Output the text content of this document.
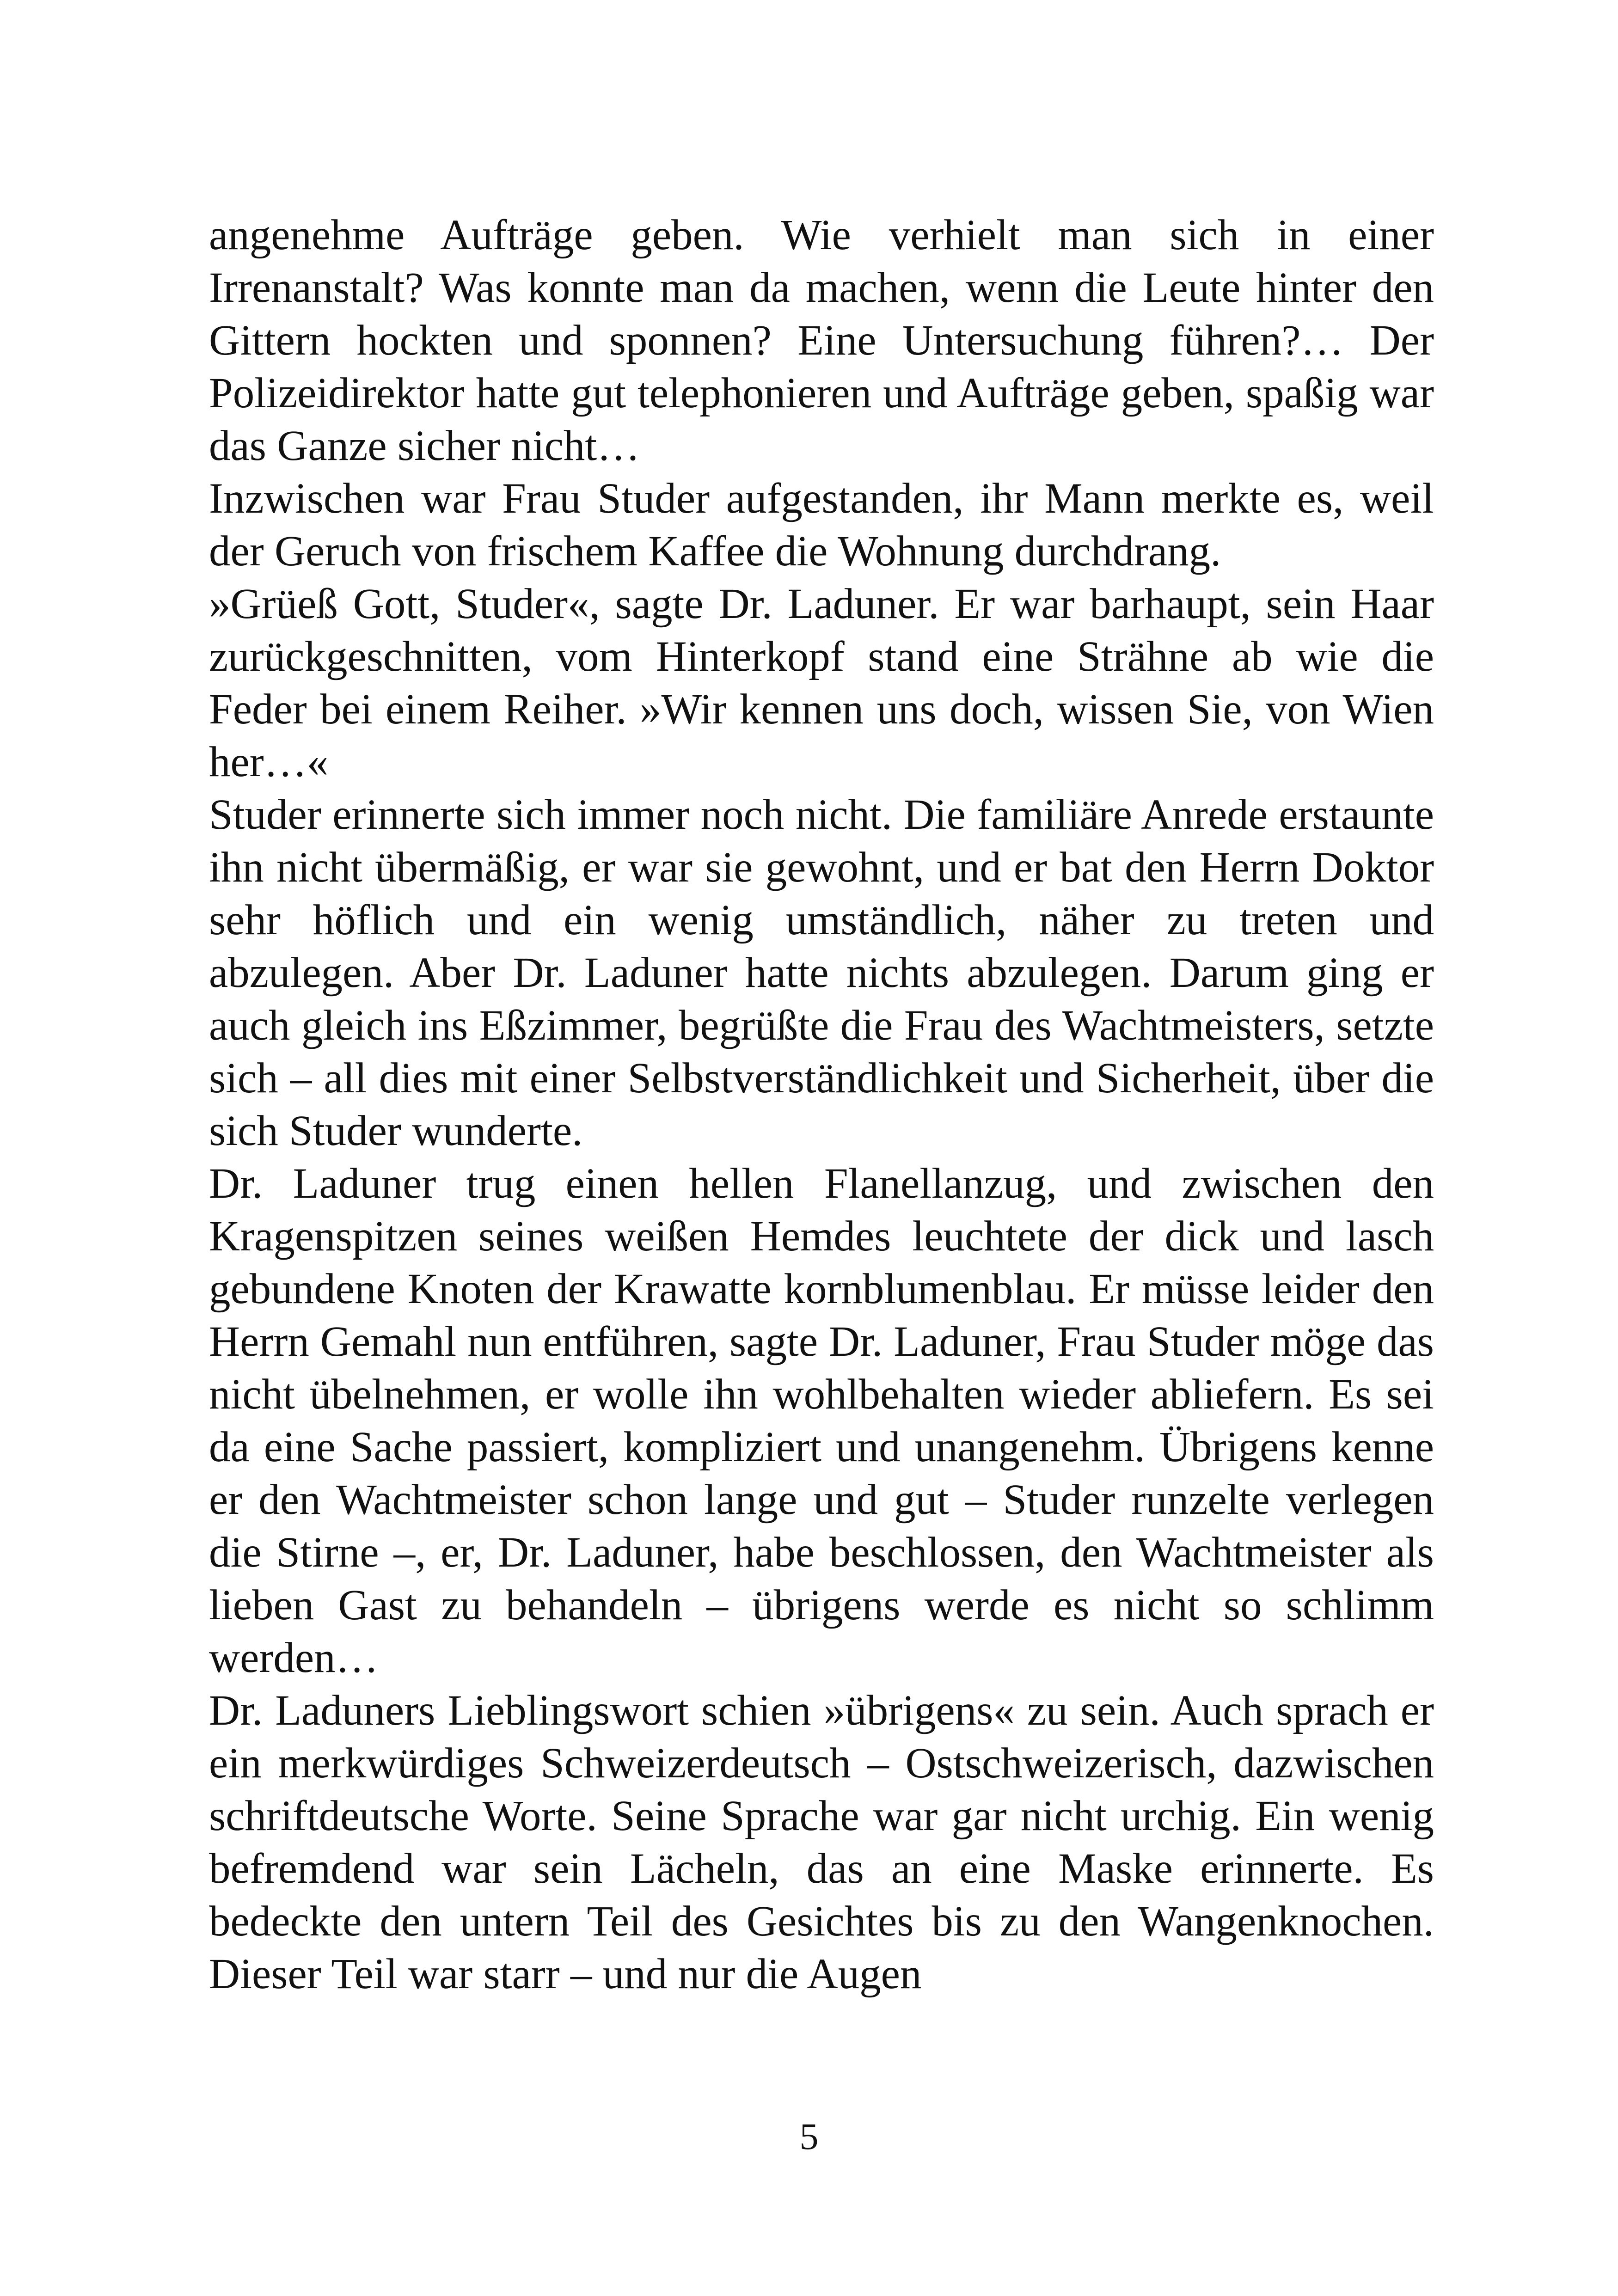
angenehme Aufträge geben. Wie verhielt man sich in einer Irrenanstalt? Was konnte man da machen, wenn die Leute hinter den Gittern hockten und sponnen? Eine Untersuchung führen?… Der Polizeidirektor hatte gut telephonieren und Aufträge geben, spaßig war das Ganze sicher nicht…

Inzwischen war Frau Studer aufgestanden, ihr Mann merkte es, weil der Geruch von frischem Kaffee die Wohnung durchdrang.

»Grüeß Gott, Studer«, sagte Dr. Laduner. Er war barhaupt, sein Haar zurückgeschnitten, vom Hinterkopf stand eine Strähne ab wie die Feder bei einem Reiher. »Wir kennen uns doch, wissen Sie, von Wien her…«

Studer erinnerte sich immer noch nicht. Die familiäre Anrede erstaunte ihn nicht übermäßig, er war sie gewohnt, und er bat den Herrn Doktor sehr höflich und ein wenig umständlich, näher zu treten und abzulegen. Aber Dr. Laduner hatte nichts abzulegen. Darum ging er auch gleich ins Eßzimmer, begrüßte die Frau des Wachtmeisters, setzte sich – all dies mit einer Selbstverständlichkeit und Sicherheit, über die sich Studer wunderte.

Dr. Laduner trug einen hellen Flanellanzug, und zwischen den Kragenspitzen seines weißen Hemdes leuchtete der dick und lasch gebundene Knoten der Krawatte kornblumenblau. Er müsse leider den Herrn Gemahl nun entführen, sagte Dr. Laduner, Frau Studer möge das nicht übelnehmen, er wolle ihn wohlbehalten wieder abliefern. Es sei da eine Sache passiert, kompliziert und unangenehm. Übrigens kenne er den Wachtmeister schon lange und gut – Studer runzelte verlegen die Stirne –, er, Dr. Laduner, habe beschlossen, den Wachtmeister als lieben Gast zu behandeln – übrigens werde es nicht so schlimm werden…

Dr. Laduners Lieblingswort schien »übrigens« zu sein. Auch sprach er ein merkwürdiges Schweizerdeutsch – Ostschweizerisch, dazwischen schriftdeutsche Worte. Seine Sprache war gar nicht urchig. Ein wenig befremdend war sein Lächeln, das an eine Maske erinnerte. Es bedeckte den untern Teil des Gesichtes bis zu den Wangenknochen. Dieser Teil war starr – und nur die Augen

5
